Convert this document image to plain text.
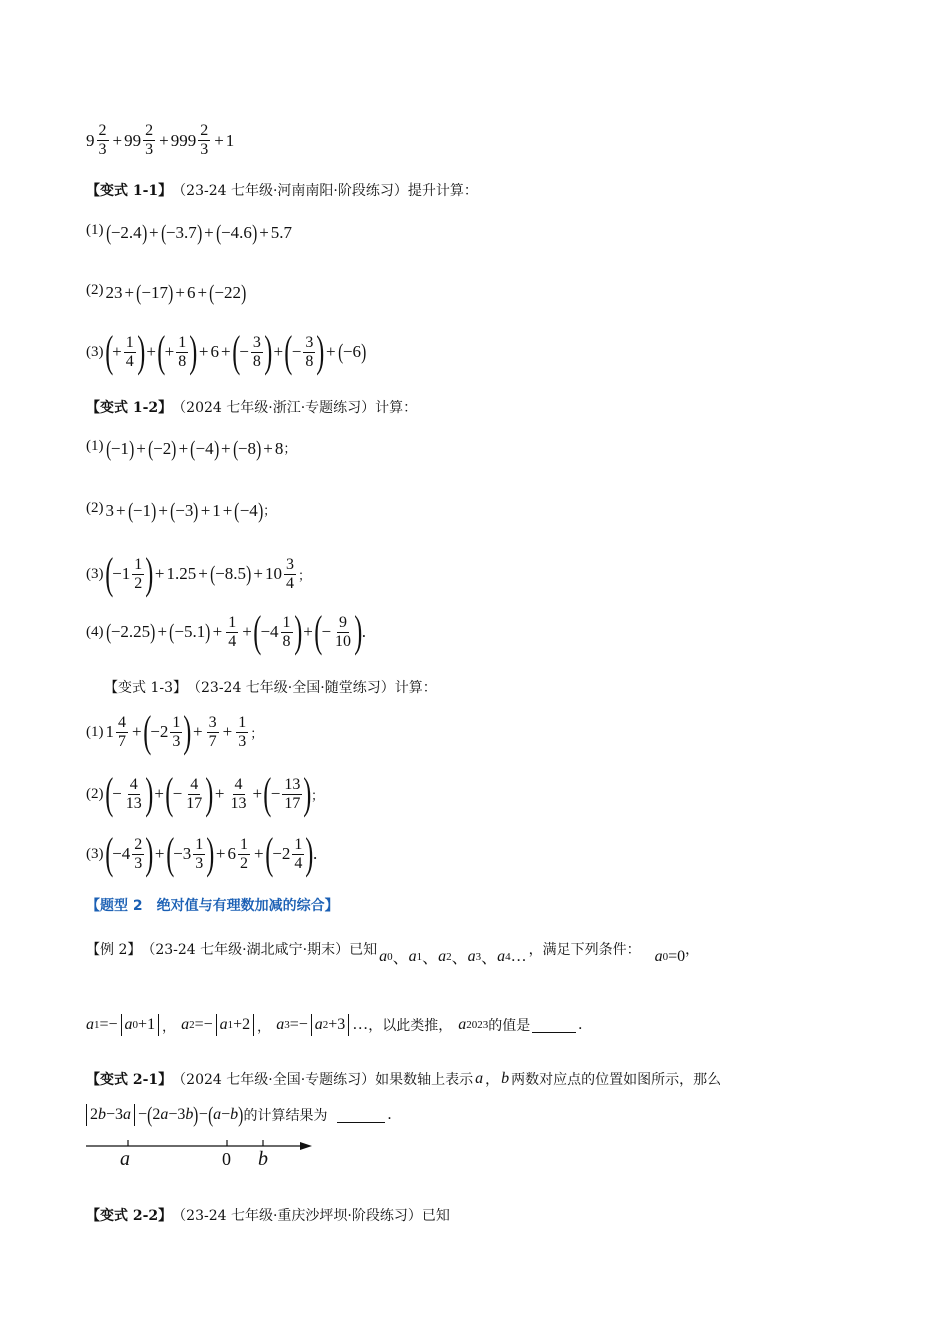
9 2
3 + 99 2
3 + 999 2
3 + 1
【变式 1-1】 （23-24 七年级·河南南阳·阶段练习）提升计算：
(1) ( −2.4 ) + ( −3.7 ) + ( −4.6 ) + 5.7
(2) 23 + ( −17 ) + 6 + ( −22 )
(3) ( + 1
4 ) + ( + 1
8 ) + 6 + ( − 3
8 ) + ( − 3
8 ) + ( −6 )
【变式 1-2】 （2024 七年级·浙江·专题练习）计算：
(1) ( −1 ) + ( −2 ) + ( −4 ) + ( −8 ) + 8 ；
(2) 3 + ( −1 ) + ( −3 ) + 1 + ( −4 ) ；
(3) ( −1 1
2 ) + 1.25 + ( −8.5 ) + $10 \frac{3}{4}$ ；
(4) ( −2.25 ) + ( −5.1 ) + $\frac{1}{4}$ + ( −4 1
8 ) + ( − 9
10 ) .
【变式 1-3】 （23-24 七年级·全国·随堂练习）计算：
(1) 1 4
7 + ( −2 1
3 ) + $\frac{3}{7} + \frac{1}{3}$ ；
(2) ( − 4
13 ) + ( − 4
17 ) + $\frac{4}{13}$ + ( − 13
17 ) ；
(3) ( −4 2
3 ) + ( −3 1
3 ) + $6 \frac{1}{2}$ + ( −2 1
4 ) .
【题型 2　绝对值与有理数加减的综合】
【例 2】 （23-24 七年级·湖北咸宁·期末）已知 a 0 、 a 1 、 a 2 、 a 3 、 a 4 … ，满足下列条件： a 0 =0 ，
a 1 =− a 0 +1 ， a 2 =− a 1 +2 ， a 3 =− a 2 +3 … ，以此类推， a 2023 的值是	.
【变式 2-1】 （2024 七年级·全国·专题练习）如果数轴上表示 a ， b 两数对应点的位置如图所示，那么
2 b −3 a − ( 2 a −3 b ) − ( a − b ) 的计算结果为	.
a	0 b
【变式 2-2】 （23-24 七年级·重庆沙坪坝·阶段练习）已知
